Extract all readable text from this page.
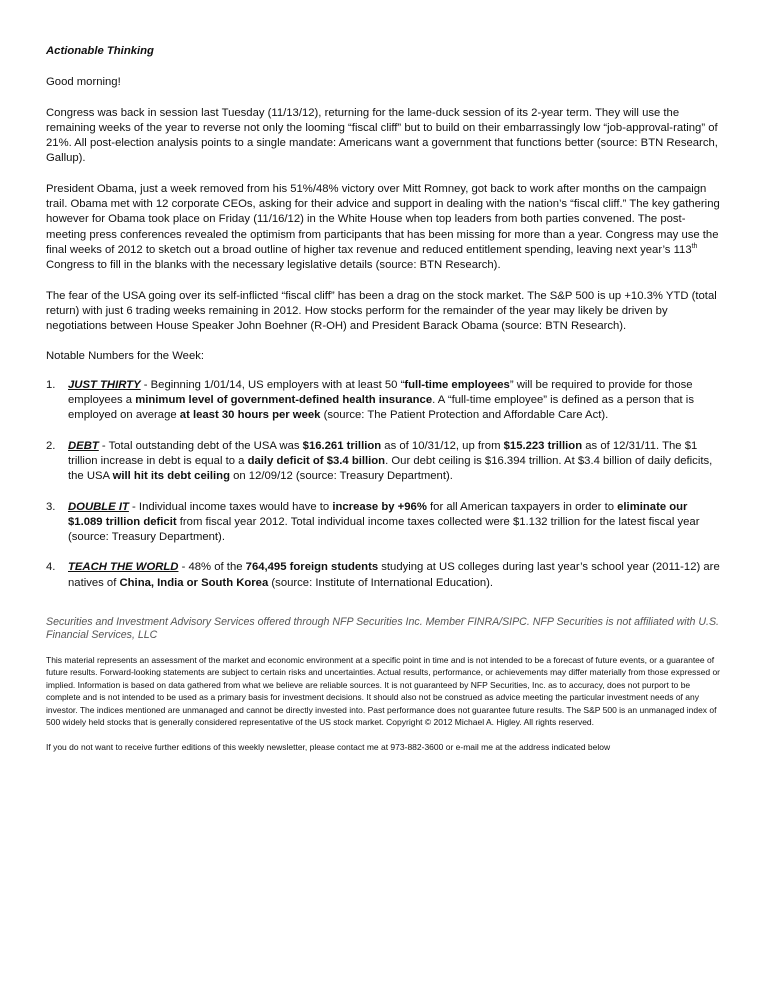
Actionable Thinking

Good morning!

Congress was back in session last Tuesday (11/13/12), returning for the lame-duck session of its 2-year term. They will use the remaining weeks of the year to reverse not only the looming “fiscal cliff” but to build on their embarrassingly low “job-approval-rating” of 21%. All post-election analysis points to a single mandate: Americans want a government that functions better (source: BTN Research, Gallup).

President Obama, just a week removed from his 51%/48% victory over Mitt Romney, got back to work after months on the campaign trail. Obama met with 12 corporate CEOs, asking for their advice and support in dealing with the nation’s “fiscal cliff.” The key gathering however for Obama took place on Friday (11/16/12) in the White House when top leaders from both parties convened. The post-meeting press conferences revealed the optimism from participants that has been missing for more than a year. Congress may use the final weeks of 2012 to sketch out a broad outline of higher tax revenue and reduced entitlement spending, leaving next year’s 113th Congress to fill in the blanks with the necessary legislative details (source: BTN Research).

The fear of the USA going over its self-inflicted “fiscal cliff” has been a drag on the stock market. The S&P 500 is up +10.3% YTD (total return) with just 6 trading weeks remaining in 2012. How stocks perform for the remainder of the year may likely be driven by negotiations between House Speaker John Boehner (R-OH) and President Barack Obama (source: BTN Research).

Notable Numbers for the Week:

1. JUST THIRTY - Beginning 1/01/14, US employers with at least 50 “full-time employees” will be required to provide for those employees a minimum level of government-defined health insurance. A “full-time employee” is defined as a person that is employed on average at least 30 hours per week (source: The Patient Protection and Affordable Care Act).
2. DEBT - Total outstanding debt of the USA was $16.261 trillion as of 10/31/12, up from $15.223 trillion as of 12/31/11. The $1 trillion increase in debt is equal to a daily deficit of $3.4 billion. Our debt ceiling is $16.394 trillion. At $3.4 billion of daily deficits, the USA will hit its debt ceiling on 12/09/12 (source: Treasury Department).
3. DOUBLE IT - Individual income taxes would have to increase by +96% for all American taxpayers in order to eliminate our $1.089 trillion deficit from fiscal year 2012. Total individual income taxes collected were $1.132 trillion for the latest fiscal year (source: Treasury Department).
4. TEACH THE WORLD - 48% of the 764,495 foreign students studying at US colleges during last year’s school year (2011-12) are natives of China, India or South Korea (source: Institute of International Education).

Securities and Investment Advisory Services offered through NFP Securities Inc. Member FINRA/SIPC. NFP Securities is not affiliated with U.S. Financial Services, LLC

This material represents an assessment of the market and economic environment at a specific point in time and is not intended to be a forecast of future events, or a guarantee of future results. Forward-looking statements are subject to certain risks and uncertainties. Actual results, performance, or achievements may differ materially from those expressed or implied. Information is based on data gathered from what we believe are reliable sources. It is not guaranteed by NFP Securities, Inc. as to accuracy, does not purport to be complete and is not intended to be used as a primary basis for investment decisions. It should also not be construed as advice meeting the particular investment needs of any investor. The indices mentioned are unmanaged and cannot be directly invested into. Past performance does not guarantee future results. The S&P 500 is an unmanaged index of 500 widely held stocks that is generally considered representative of the US stock market. Copyright © 2012 Michael A. Higley. All rights reserved.

If you do not want to receive further editions of this weekly newsletter, please contact me at 973-882-3600 or e-mail me at the address indicated below
